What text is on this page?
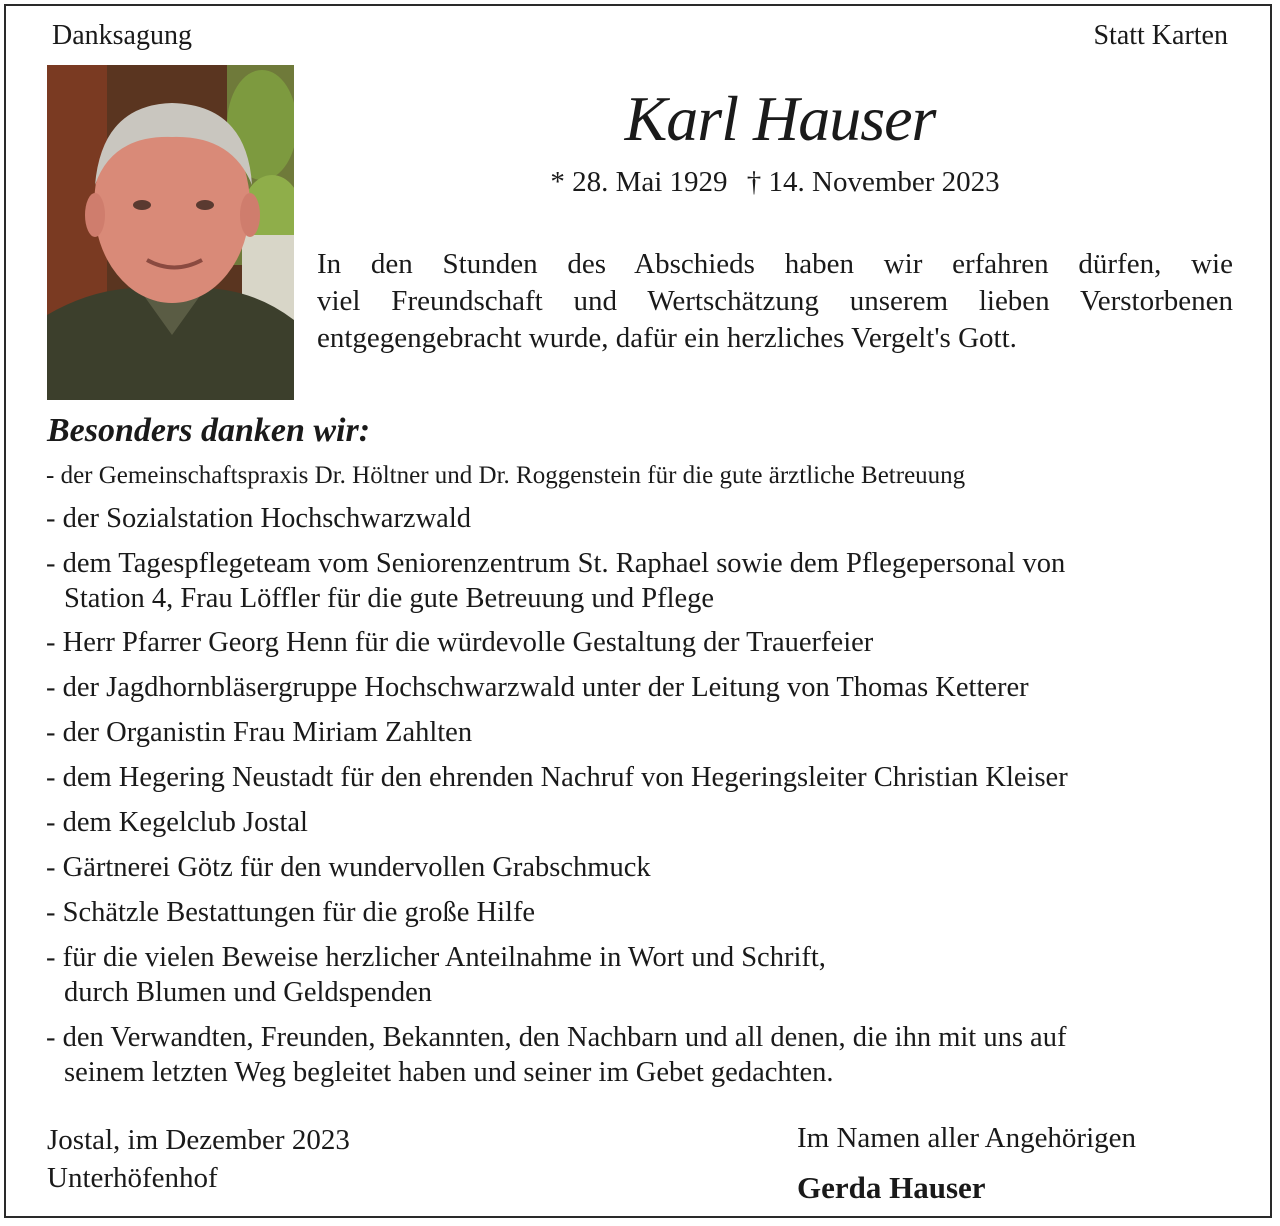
Danksagung	Statt Karten
Karl Hauser
* 28. Mai 1929 † 14. November 2023
In den Stunden des Abschieds haben wir erfahren dürfen, wie
viel Freundschaft und Wertschätzung unserem lieben Verstorbenen
entgegengebracht wurde, dafür ein herzliches Vergelt's Gott.
Besonders danken wir:
- der Gemeinschaftspraxis Dr. Höltner und Dr. Roggenstein für die gute ärztliche Betreuung
- der Sozialstation Hochschwarzwald
- dem Tagespflegeteam vom Seniorenzentrum St. Raphael sowie dem Pflegepersonal von
Station 4, Frau Löffler für die gute Betreuung und Pflege
- Herr Pfarrer Georg Henn für die würdevolle Gestaltung der Trauerfeier
- der Jagdhornbläsergruppe Hochschwarzwald unter der Leitung von Thomas Ketterer
- der Organistin Frau Miriam Zahlten
- dem Hegering Neustadt für den ehrenden Nachruf von Hegeringsleiter Christian Kleiser
- dem Kegelclub Jostal
- Gärtnerei Götz für den wundervollen Grabschmuck
- Schätzle Bestattungen für die große Hilfe
- für die vielen Beweise herzlicher Anteilnahme in Wort und Schrift,
durch Blumen und Geldspenden
- den Verwandten, Freunden, Bekannten, den Nachbarn und all denen, die ihn mit uns auf
seinem letzten Weg begleitet haben und seiner im Gebet gedachten.
Jostal, im Dezember 2023
Unterhöfenhof
Im Namen aller Angehörigen
Gerda Hauser
